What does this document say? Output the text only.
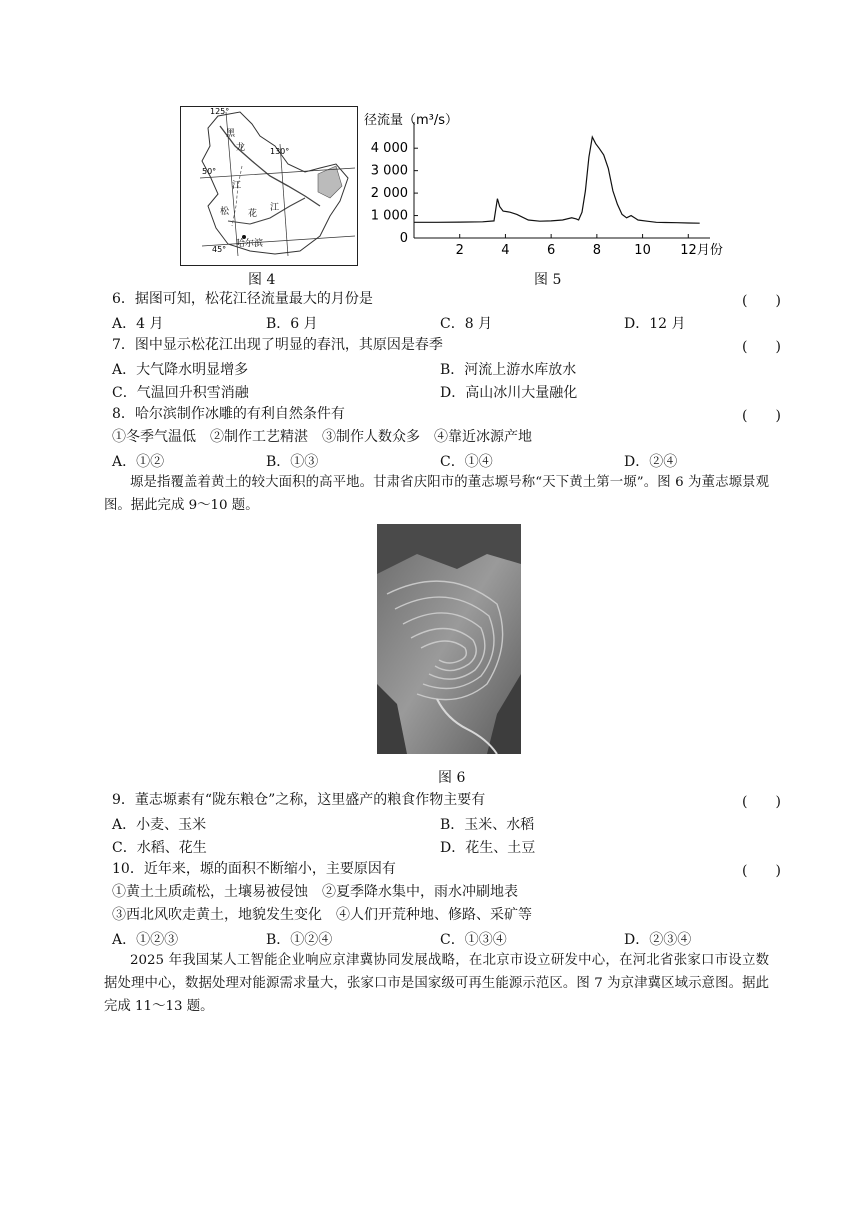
125°
130°
50°
45°
黑
龙
江
松 花
江
哈尔滨
图 4
径流量（m³/s）
0
1 000
2 000
3 000
4 000
2	4	6	8	10 12月份
图 5
6．据图可知，松花江径流量最大的月份是	(　　)
A．4 月	B．6 月	C．8 月	D．12 月
7．图中显示松花江出现了明显的春汛，其原因是春季	(　　)
A．大气降水明显增多	B．河流上游水库放水
C．气温回升积雪消融	D．高山冰川大量融化
8．哈尔滨制作冰雕的有利自然条件有	(　　)
①冬季气温低　②制作工艺精湛　③制作人数众多　④靠近冰源产地
A．①②	B．①③	C．①④	D．②④
塬是指覆盖着黄土的较大面积的高平地。甘肃省庆阳市的董志塬号称“天下黄土第一塬”。图 6 为董志塬景观图。据此完成 9～10 题。
图 6
9．董志塬素有“陇东粮仓”之称，这里盛产的粮食作物主要有	(　　)
A．小麦、玉米	B．玉米、水稻
C．水稻、花生	D．花生、土豆
10．近年来，塬的面积不断缩小，主要原因有	(　　)
①黄土土质疏松，土壤易被侵蚀　②夏季降水集中，雨水冲刷地表
③西北风吹走黄土，地貌发生变化　④人们开荒种地、修路、采矿等
A．①②③	B．①②④	C．①③④	D．②③④
2025 年我国某人工智能企业响应京津冀协同发展战略，在北京市设立研发中心，在河北省张家口市设立数据处理中心，数据处理对能源需求量大，张家口市是国家级可再生能源示范区。图 7 为京津冀区域示意图。据此完成 11～13 题。
